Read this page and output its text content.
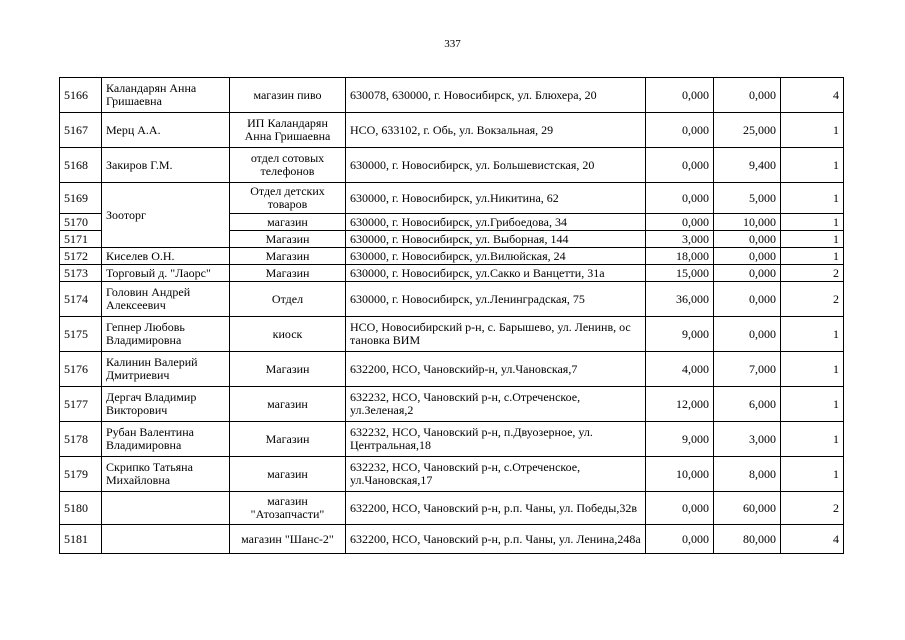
337
5166	Каландарян Анна Гришаевна	магазин пиво	630078, 630000, г. Новосибирск, ул. Блюхера, 20	0,000	0,000	4
5167	Мерц А.А.	ИП Каландарян Анна Гришаевна	НСО, 633102, г. Обь, ул. Вокзальная, 29	0,000	25,000	1
5168	Закиров Г.М.	отдел сотовых телефонов	630000, г. Новосибирск, ул. Большевистская, 20	0,000	9,400	1
5169	Зооторг	Отдел детских товаров	630000, г. Новосибирск, ул.Никитина, 62	0,000	5,000	1
5170		магазин	630000, г. Новосибирск, ул.Грибоедова, 34	0,000	10,000	1
5171		Магазин	630000, г. Новосибирск, ул. Выборная, 144	3,000	0,000	1
5172	Киселев О.Н.	Магазин	630000, г. Новосибирск, ул.Вилюйская, 24	18,000	0,000	1
5173	Торговый д. "Лаорс"	Магазин	630000, г. Новосибирск, ул.Сакко и Ванцетти, 31а	15,000	0,000	2
5174	Головин Андрей Алексеевич	Отдел	630000, г. Новосибирск, ул.Ленинградская, 75	36,000	0,000	2
5175	Гепнер Любовь Владимировна	киоск	НСО, Новосибирский р-н, с. Барышево, ул. Ленинв, ос тановка ВИМ	9,000	0,000	1
5176	Калинин Валерий Дмитриевич	Магазин	632200, НСО, Чановскийр-н, ул.Чановская,7	4,000	7,000	1
5177	Дергач Владимир Викторович	магазин	632232, НСО, Чановский р-н, с.Отреченское, ул.Зеленая,2	12,000	6,000	1
5178	Рубан Валентина Владимировна	Магазин	632232, НСО, Чановский р-н, п.Двуозерное, ул. Центральная,18	9,000	3,000	1
5179	Скрипко Татьяна Михайловна	магазин	632232, НСО, Чановский р-н, с.Отреченское, ул.Чановская,17	10,000	8,000	1
5180		магазин "Атозапчасти"	632200, НСО, Чановский р-н, р.п. Чаны, ул. Победы,32в	0,000	60,000	2
5181		магазин "Шанс-2"	632200, НСО, Чановский р-н, р.п. Чаны, ул. Ленина,248а	0,000	80,000	4
